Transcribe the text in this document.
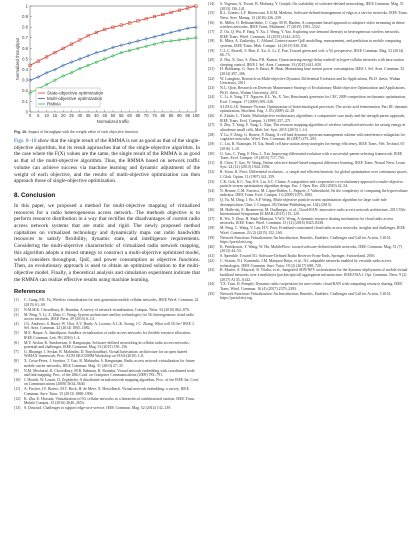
0
0.1
0.2
0.3
0.4
0.5
0.6
0.7
0.8
0.9
1
0 5 10 15 20 25 30 35 40 45 50 55 60 65 70 75 80 85 90 95 100
Normalized traffic
Normalized throughput
State-objective optimization
Multi-objective optimization
RMMA
Fig. 10. Impact of throughput with the weight value of each objective function.

Figs. 8–10 show that the single result of the RMMA is not as good as that of the single-objective algorithm, but its result approaches that of the single-objective algorithm. In the case where the F(X) values are the same, the single result of the RMMA is as good as that of the multi-objective algorithm. Thus, the RMMA based on network traffic volume can achieve success via machine learning and dynamic adjustment of the weight of each objective, and the results of multi-objective optimization can then approach those of single-objective optimization.

8. Conclusion

In this paper, we proposed a method for multi-objective mapping of virtualized resources for a radio heterogeneous access network. The methods objective is to perform resource distribution in a way that rectifies the disadvantages of current radio access network systems that are static and rigid. The newly proposed method capitalizes on virtualized technology and dynamically maps out radio bandwidth resources to satisfy flexibility, dynamic state, and intelligence requirements. Considering the multi-objective characteristic of virtualized radio network mapping, this algorithm adopts a mixed strategy to construct a multi-objective optimized model, which considers throughput, QoE, and power consumption as objective functions. Then, an evolutionary approach is used to obtain an optimized solution to the multi-objective model. Finally, a theoretical analysis and simulation experiment indicate that the RMMA can realize effective results using machine learning.

References
[1] C. Liang, F.R. Yu, Wireless virtualization for next generation mobile cellular networks, IEEE Wirel. Commun. 22 (2015) 61–69.
[2] N.M.M.K. Chowdhury, R. Boutaba, A survey of network virtualization, Comput. Netw. 54 (2010) 862–876.
[3] M. Peng, Y. Li, Z. Zhao, C. Wang, System architecture and key technologies for 5G heterogeneous cloud radio access networks, IEEE Netw. 29 (2015) 6–14.
[4] J.G. Andrews, S. Buzzi, W. Choi, S.V. Hanly, A. Lozano, A.C.K. Soong, J.C. Zhang, What will 5G be? IEEE J. Sel. Area. Commun. 32 (2014) 1065–1082.
[5] M.E. Haque, A. Jamalipour, Sandbox virtualization of radio access networks for flexible resource allocation, IEEE Commun. Lett. 99 (2016) 1–4.
[6] M.Y. Arslan, K. Sundaresan, S. Rangarajan, Software-defined networking in cellular radio access networks: potential and challenges, IEEE Commun. Mag. 53 (2015) 150–156.
[7] G. Bhanage, I. Seskar, R. Mahindra, D. Raychaudhuri, Virtual basestation: architecture for an open shared WiMAX framework, Proc. ACM SIGCOMM Workshop on VISA (2010) 1–8.
[8] X. Costa-Pérez, J. Swetina, T. Guo, R. Mahindra, S. Rangarajan, Radio access network virtualization for future mobile carrier networks, IEEE Commun. Mag. 51 (2013) 27–35.
[9] N.M. Mosharaf, K. Chowdhury, M.R. Rahman, R. Boutaba, Virtual network embedding with coordinated node and link mapping, Proc. of the 28th Conf. on Computer Communications (2009) 783–791.
[10] J. Houidi, W. Louati, D. Zeghlache, A distributed virtual network mapping algorithm, Proc. of the IEEE Int. Conf. on Communications (2008) 5634–5640.
[11] A. Fischer, J.F. Botero, M.T. Beck, H. de Meer, X. Hesselbach, Virtual network embedding: a survey, IEEE Commun. Surv. Tutor. 15 (2013) 1888–1906.
[12] K. Zhu, E. Hossain, Virtualization of 5G cellular networks as a hierarchical combinatorial auction, IEEE Trans. Mobile Comput. 15 (2016) 2640–2654.
[13] S. Dawoud, Challenges to support edge-as-a-service, IEEE Commun. Mag. 52 (2014) 132–139.
[14] S. Vegesna, A. Tiwari, B. Mohanty, Y. Ganjali, On scalability of software-defined networking, IEEE Commun. Mag. 51 (2013) 136–141.
[15] R.L. Gomes, L.F. Bittencourt, E.R.M. Madeira, Software-defined management of edge as a service networks, IEEE Trans. Netw. Serv. Manag. 13 (2016) 226–239.
[16] K. Miller, O. Belhanafibeke, C. Cape, M.W. Harden, A component-based approach to adaptive video streaming in dense wireless networks, IEEE Trans. Multimed. 17 (2015) 1505–1522.
[17] Z. Ou, Q. Wu, P. Yang, Y. Xu, J. Wang, Y. Yao, Exploring user demand diversity in heterogeneous wireless networks, IEEE Trans. Wirel. Commun. 14 (2015) 4142–4155.
[18] K. Mitra, A. Zaslavsky, C. Ahlund, Context-aware QoE modelling, measurement, and prediction in mobile computing systems, IEEE Trans. Mob. Comput. 14 (2015) 920–936.
[19] C.L.C. Rowell, S. Han, Z. Xu, G. Li, Z. Pan, Toward green and soft: a 5G perspective, IEEE Commun. Mag. 52 (2014) 66–73.
[20] Z. Niu, X. Guo, S. Zhou, P.R. Kumar, Characterizing energy-delay tradeoff in hyper-cellular networks with base station sleeping control, IEEE J. Sel. Area. Commun. 33 (2015) 641–650.
[21] H. Holtkamp, G. Auer, S. Bazzi, H. Haas, Minimizing base station power consumption, IEEE J. Sel. Area. Commun. 32 (2014) 297–306.
[22] W. Liangbao, Research on Multi-objective Dynamic Differential Evolution and Its Applications, Ph.D. thesis, Wuhan University, 2011.
[23] N.C. Qion, Research on Diversity Maintenance Strategy of Evolutionary Multi-objective Optimization and Applications, Ph.D. thesis, Wuhan University, 2011.
[24] C. Li, S. Yang, T.T. Nguyen, E.L. Yu, X. Yao, Benchmark generator for CEC 2009 competition on dynamic optimization, Evol. Comput. 17 (2009) 509–526.
[25] S.I.M.G.J.E. Simmer-Vicente, Optimization of biotechnological processes. The acetic acid fermentation. Part III: dynamic optimization, Biochem. Eng. J. 45 (2009) 22–29.
[26] E. Zitzler, L. Thiele, Multiobjective evolutionary algorithms: a comparative case study and the strength pareto approach, IEEE Trans. Evol. Comput. 3 (1999) 257–271.
[27] S. Zhu, T. Yang, Y. Yang, L. Xiao, The resource mapping algorithm of wireless virtualized networks for saving energy in ultradense small cells, Mob. Inf. Syst. 2015 (2015) 1–14.
[28] Y. Lu, F. Zeng, G. Bourse, P. Zhang, A cell load dynamic spectrum management scheme with interference mitigation for cognitive networks, Wirel. Pers. Commun. 40 (2007) 275–293.
[29] C. Liu, R. Natarajan, H. Xia, Small cell base station sleep strategies for energy efficiency, IEEE Trans. Veh. Technol. 65 (2016) 1–10.
[30] G. Gao, C. Yang, F. Hou, L. Xin, Improving differential evolution with a successful-parent-selecting framework, IEEE Trans. Evol. Comput. 19 (2015) 717–730.
[31] R. Chen, Y. Gao, W. Wang, Online selective kernel-based temporal difference learning, IEEE Trans. Neural Netw. Learn. Syst. 24 (12) (2013) 1944–1956.
[32] R. Storn, K. Price, Differential evolution – a simple and efficient heuristic for global optimization over continuous spaces, J. Glob. Optim. 11 (1997) 341–359.
[33] C.K. Goh, K.C. Tan, D.S. Liu, S.C. Chiam, A competitive and cooperative co-evolutionary approach to multi-objective particle swarm optimization algorithm design, Eur. J. Oper. Res. 202 (2010) 42–54.
[34] N. Beume, C.M. Fonseca, M. López-Ibáñez, L. Paquete, J. Vahrenhold, On the complexity of computing the hypervolume indicator, IEEE Trans. Evol. Comput. 13 (2009) 1075–1082.
[35] Q. Yu, M. Ding, J. Bo, S.P. Wong, Multi-objective particle swarm optimization algorithm for large scale rule decomposition, Chin. J. Comput. 38 (Online-Publishing no. 144) (2015).
[36] M. Halle-ski, E. Bronnevoir, M. Dudlmegic, et al., Cloud-RAN: innovative radio access network architecture, 2013 55th International Symposium ELMAR (2013) 115–120.
[37] R. Wu, Y. Zhao, H. Shuh-Mansour, V.W.S. Wong, A dynamic resource sharing mechanism for cloud radio access networks, IEEE Trans. Wirel. Commun. 15 (12) (2016) 8325–8338.
[38] M. Peng, C. Wang, V. Lau, H.V. Poor, Fronthaul-constrained cloud radio access networks: insights and challenges, IEEE Wirel. Commun. 22 (2) (2015) 152–160.
[39] Network Functions Virtualization: An Introduction, Benefits, Enablers, Challenges and Call for Action, 3 2014, https://portal.etsi.org.
[40] K. Pentikousis, Y. Wang, W. Hu, MobileFlow: toward software-defined mobile networks, IEEE Commun. Mag. 51 (7) (2013) 44–53.
[41] S. Sprenkle, Toward 5G: Software-Defined Radio Receiver Front-Ends, Springer, Switzerland, 2016.
[42] C. Sexton, N.J. Kaminski, J.M. Marquez-Barja, et al., 5G: adaptable networks enabled by versatile radio access technologies, IEEE Commun. Surv. Tutor. 19 (2) (2017) 688–720.
[43] B. Murter, A. Mayoral, R. Vilalta, et al., Integrated SDN/NFV orchestration for the dynamic deployment of mobile virtual backhaul networks over a multilayer (packet/optical) aggregation infrastructure, IEEE/OSA J. Opt. Commun. Netw. 9 (2) (2017) A135–A142.
[44] T.X. Tran, D. Pompili, Dynamic radio cooperation for user-centric cloud-RAN with computing resource sharing, IEEE Trans. Wirel. Commun. 16 (4) (2017) 2379–2393.
[45] Network Functions Virtualization: An Introduction, Benefits, Enablers, Challenges and Call for Action, 3 2014, https://portal.etsi.org.
